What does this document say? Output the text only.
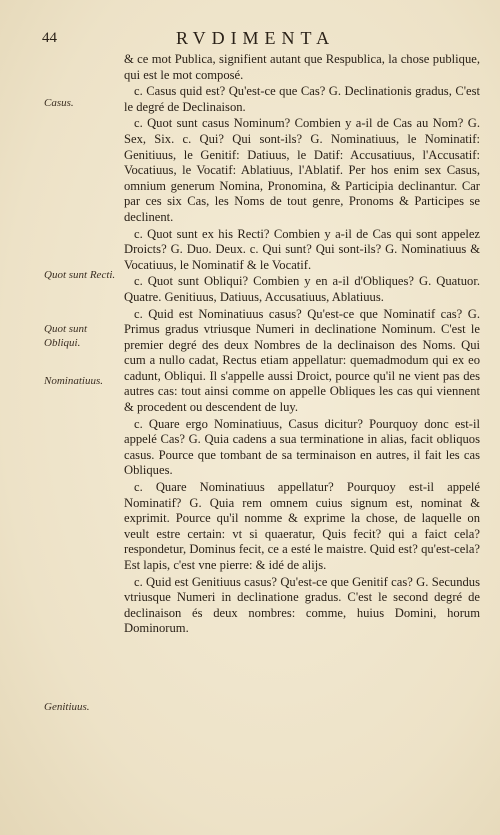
44	RVDIMENTA

Casus.

Quot sunt Recti.

Quot sunt Obliqui.

Nominatiuus.

Genitiuus.

& ce mot Publica, signifient autant que Respublica, la chose publique, qui est le mot composé.

c. Casus quid est? Qu'est-ce que Cas? G. Declinationis gradus, C'est le degré de Declinaison.

c. Quot sunt casus Nominum? Combien y a-il de Cas au Nom? G. Sex, Six. c. Qui? Qui sont-ils? G. Nominatiuus, le Nominatif: Genitiuus, le Genitif: Datiuus, le Datif: Accusatiuus, l'Accusatif: Vocatiuus, le Vocatif: Ablatiuus, l'Ablatif. Per hos enim sex Casus, omnium generum Nomina, Pronomina, & Participia declinantur. Car par ces six Cas, les Noms de tout genre, Pronoms & Participes se declinent.

c. Quot sunt ex his Recti? Combien y a-il de Cas qui sont appelez Droicts? G. Duo. Deux. c. Qui sunt? Qui sont-ils? G. Nominatiuus & Vocatiuus, le Nominatif & le Vocatif.

c. Quot sunt Obliqui? Combien y en a-il d'Obliques? G. Quatuor. Quatre. Genitiuus, Datiuus, Accusatiuus, Ablatiuus.

c. Quid est Nominatiuus casus? Qu'est-ce que Nominatif cas? G. Primus gradus vtriusque Numeri in declinatione Nominum. C'est le premier degré des deux Nombres de la declinaison des Noms. Qui cum a nullo cadat, Rectus etiam appellatur: quemadmodum qui ex eo cadunt, Obliqui. Il s'appelle aussi Droict, pource qu'il ne vient pas des autres cas: tout ainsi comme on appelle Obliques les cas qui viennent & procedent ou descendent de luy.

c. Quare ergo Nominatiuus, Casus dicitur? Pourquoy donc est-il appelé Cas? G. Quia cadens a sua terminatione in alias, facit obliquos casus. Pource que tombant de sa terminaison en autres, il fait les cas Obliques.

c. Quare Nominatiuus appellatur? Pourquoy est-il appelé Nominatif? G. Quia rem omnem cuius signum est, nominat & exprimit. Pource qu'il nomme & exprime la chose, de laquelle on veult estre certain: vt si quaeratur, Quis fecit? qui a faict cela? respondetur, Dominus fecit, ce a esté le maistre. Quid est? qu'est-cela? Est lapis, c'est vne pierre: & idé de alijs.

c. Quid est Genitiuus casus? Qu'est-ce que Genitif cas? G. Secundus vtriusque Numeri in declinatione gradus. C'est le second degré de declinaison és deux nombres: comme, huius Domini, horum Dominorum.
